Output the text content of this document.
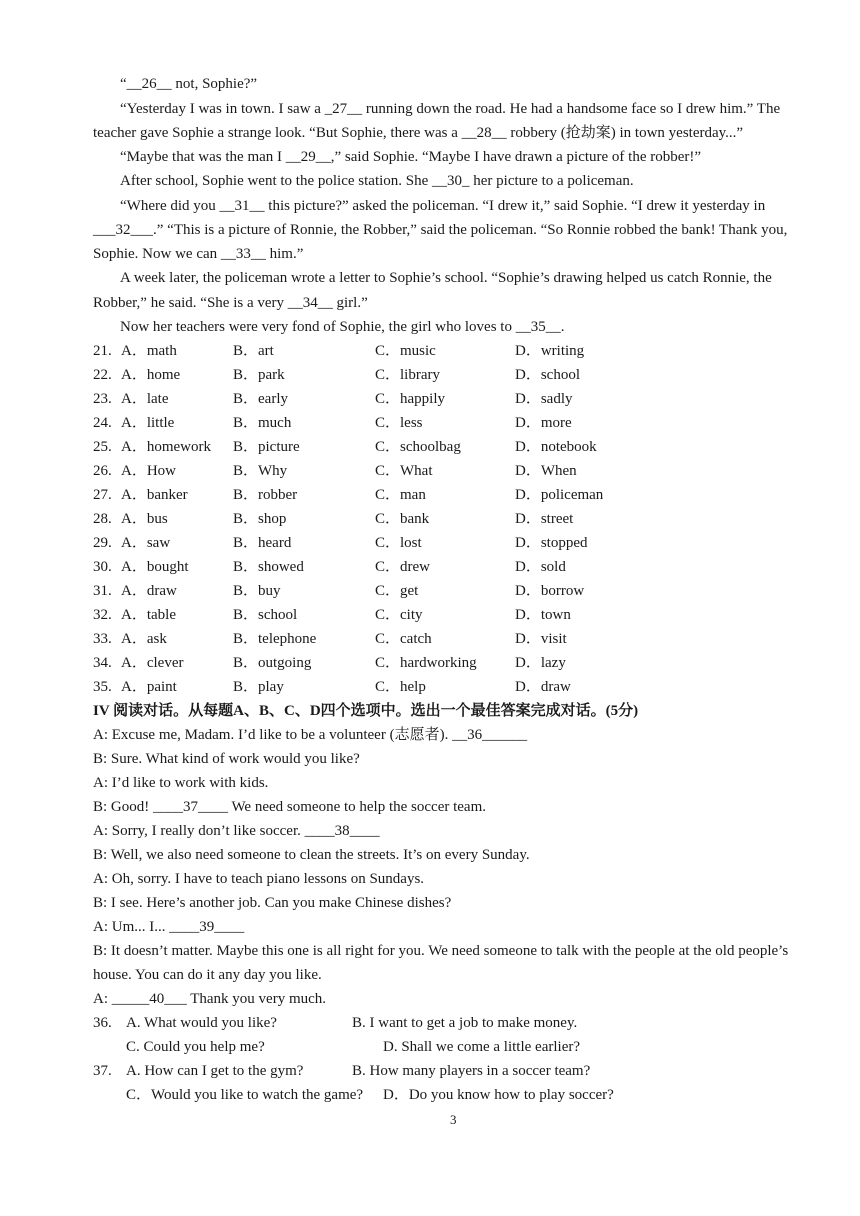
“__26__ not, Sophie?”
“Yesterday I was in town. I saw a _27__ running down the road. He had a handsome face so I drew him.” The
teacher gave Sophie a strange look. “But Sophie, there was a __28__ robbery (抢劫案) in town yesterday...”
“Maybe that was the man I __29__,” said Sophie. “Maybe I have drawn a picture of the robber!”
After school, Sophie went to the police station. She __30_ her picture to a policeman.
“Where did you __31__ this picture?” asked the policeman. “I drew it,” said Sophie. “I drew it yesterday in
___32___.” “This is a picture of Ronnie, the Robber,” said the policeman. “So Ronnie robbed the bank! Thank you,
Sophie. Now we can __33__ him.”
A week later, the policeman wrote a letter to Sophie’s school. “Sophie’s drawing helped us catch Ronnie, the
Robber,” he said. “She is a very __34__ girl.”
Now her teachers were very fond of Sophie, the girl who loves to __35__.
21. A．math	B．art	C．music	D．writing
22. A．home	B．park	C．library	D．school
23. A．late	B．early	C．happily	D．sadly
24. A．little	B．much	C．less	D．more
25. A．homework B．picture	C．schoolbag	D．notebook
26. A．How	B．Why	C．What	D．When
27. A．banker	B．robber	C．man	D．policeman
28. A．bus	B．shop	C．bank	D．street
29. A．saw	B．heard	C．lost	D．stopped
30. A．bought	B．showed	C．drew	D．sold
31. A．draw	B．buy	C．get	D．borrow
32. A．table	B．school	C．city	D．town
33. A．ask	B．telephone	C．catch	D．visit
34. A．clever	B．outgoing	C．hardworking	D．lazy
35. A．paint	B．play	C．help	D．draw
IV 阅读对话。从每题A、B、C、D四个选项中。选出一个最佳答案完成对话。(5分)
A: Excuse me, Madam. I’d like to be a volunteer (志愿者). __36______
B: Sure. What kind of work would you like?
A: I’d like to work with kids.
B: Good! ____37____ We need someone to help the soccer team.
A: Sorry, I really don’t like soccer. ____38____
B: Well, we also need someone to clean the streets. It’s on every Sunday.
A: Oh, sorry. I have to teach piano lessons on Sundays.
B: I see. Here’s another job. Can you make Chinese dishes?
A: Um... I... ____39____
B: It doesn’t matter. Maybe this one is all right for you. We need someone to talk with the people at the old people’s
house. You can do it any day you like.
A: _____40___ Thank you very much.
36. A. What would you like?	B. I want to get a job to make money.
C. Could you help me?	D. Shall we come a little earlier?
37. A. How can I get to the gym?	B. How many players in a soccer team?
C．Would you like to watch the game? D．Do you know how to play soccer?
3
